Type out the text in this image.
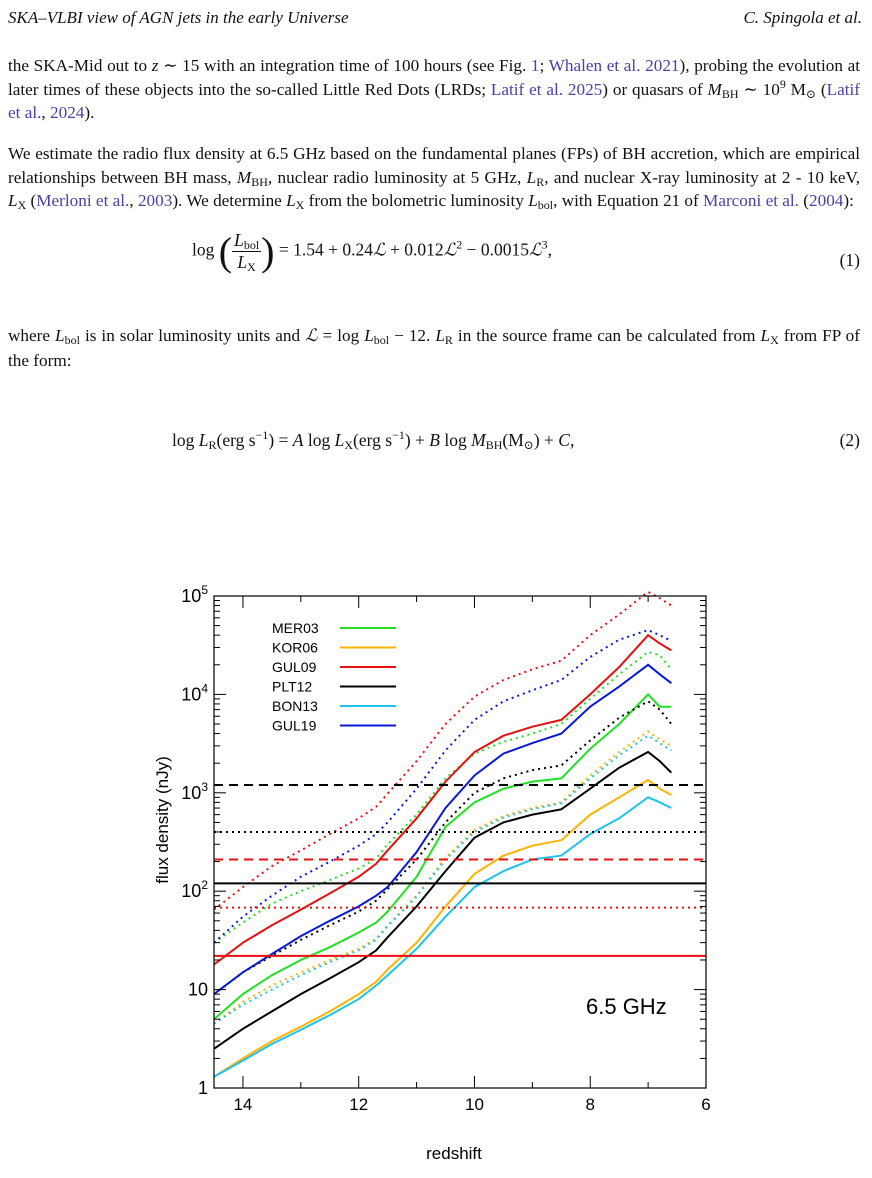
SKA–VLBI view of AGN jets in the early Universe	C. Spingola et al.

the SKA-Mid out to z ∼ 15 with an integration time of 100 hours (see Fig. 1; Whalen et al. 2021), probing the evolution at later times of these objects into the so-called Little Red Dots (LRDs; Latif et al. 2025) or quasars of $M_{BH}$ ∼ $10^9$ $M_⊙$ (Latif et al., 2024).

We estimate the radio flux density at 6.5 GHz based on the fundamental planes (FPs) of BH accretion, which are empirical relationships between BH mass, $M_{BH}$, nuclear radio luminosity at 5 GHz, $L_R$, and nuclear X-ray luminosity at 2 - 10 keV, $L_X$ (Merloni et al., 2003). We determine $L_X$ from the bolometric luminosity $L_{bol}$, with Equation 21 of Marconi et al. (2004):

log ( $\frac{L_{bol}}{L_X}$ ) = 1.54 + 0.24ℒ + 0.012ℒ$^2$ − 0.0015ℒ$^3$,
(1)

where $L_{bol}$ is in solar luminosity units and ℒ = $\log L_{bol} - 12$. $L_R$ in the source frame can be calculated from $L_X$ from FP of the form:

$\log L_R(erg$ $s^{-1}) = A$ $\log L_X(erg$ $s^{-1}) + B$ $\log M_{BH}(M_⊙) + C$,	(2)
14	12	10	8	6
1
10
$10^2$
$10^3$
$10^4$
$10^5$
MER03
KOR06
GUL09
PLT12
BON13
GUL19
flux density (nJy)
redshift
6.5 GHz
